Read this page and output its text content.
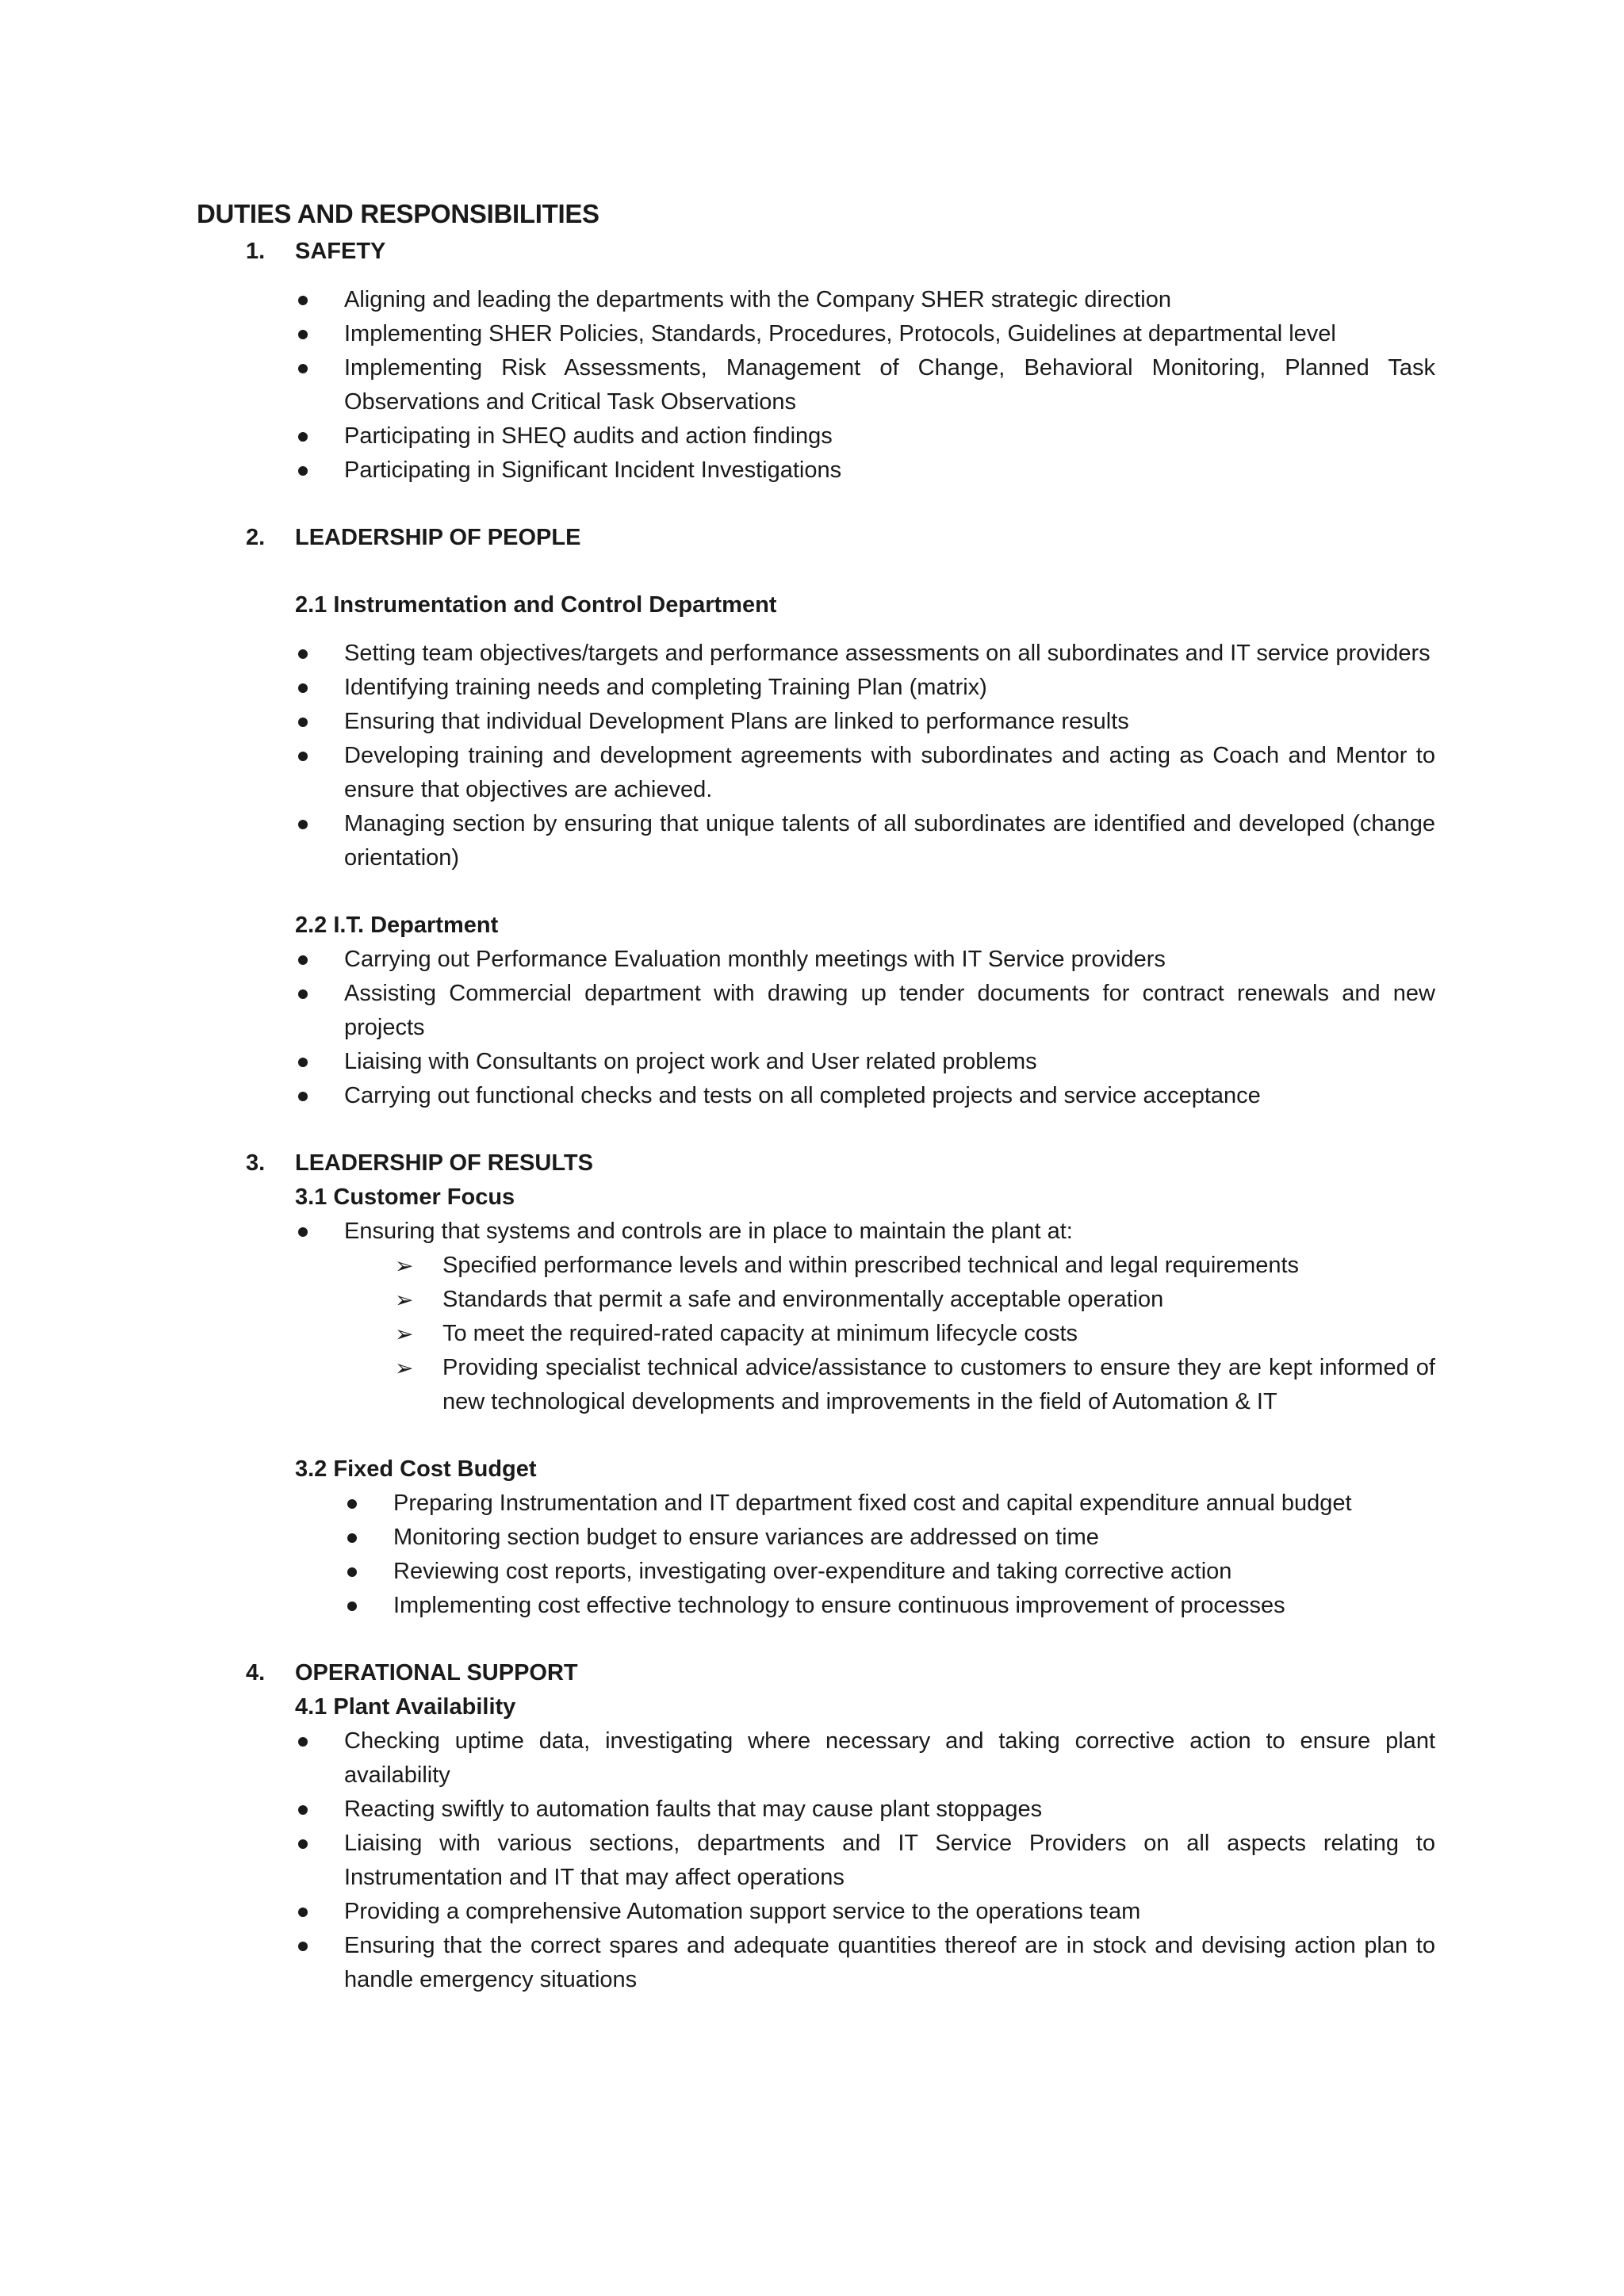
DUTIES AND RESPONSIBILITIES
1.	SAFETY
Aligning and leading the departments with the Company SHER strategic direction
Implementing SHER Policies, Standards, Procedures, Protocols, Guidelines at departmental level
Implementing Risk Assessments, Management of Change, Behavioral Monitoring, Planned Task Observations and Critical Task Observations
Participating in SHEQ audits and action findings
Participating in Significant Incident Investigations
2.	LEADERSHIP OF PEOPLE
2.1 Instrumentation and Control Department
Setting team objectives/targets and performance assessments on all subordinates and IT service providers
Identifying training needs and completing Training Plan (matrix)
Ensuring that individual Development Plans are linked to performance results
Developing training and development agreements with subordinates and acting as Coach and Mentor to ensure that objectives are achieved.
Managing section by ensuring that unique talents of all subordinates are identified and developed (change orientation)
2.2 I.T. Department
Carrying out Performance Evaluation monthly meetings with IT Service providers
Assisting Commercial department with drawing up tender documents for contract renewals and new projects
Liaising with Consultants on project work and User related problems
Carrying out functional checks and tests on all completed projects and service acceptance
3.	LEADERSHIP OF RESULTS
3.1 Customer Focus
Ensuring that systems and controls are in place to maintain the plant at:
➢ Specified performance levels and within prescribed technical and legal requirements
➢ Standards that permit a safe and environmentally acceptable operation
➢ To meet the required-rated capacity at minimum lifecycle costs
➢ Providing specialist technical advice/assistance to customers to ensure they are kept informed of new technological developments and improvements in the field of Automation & IT
3.2 Fixed Cost Budget
Preparing Instrumentation and IT department fixed cost and capital expenditure annual budget
Monitoring section budget to ensure variances are addressed on time
Reviewing cost reports, investigating over-expenditure and taking corrective action
Implementing cost effective technology to ensure continuous improvement of processes
4.	OPERATIONAL SUPPORT
4.1 Plant Availability
Checking uptime data, investigating where necessary and taking corrective action to ensure plant availability
Reacting swiftly to automation faults that may cause plant stoppages
Liaising with various sections, departments and IT Service Providers on all aspects relating to Instrumentation and IT that may affect operations
Providing a comprehensive Automation support service to the operations team
Ensuring that the correct spares and adequate quantities thereof are in stock and devising action plan to handle emergency situations
